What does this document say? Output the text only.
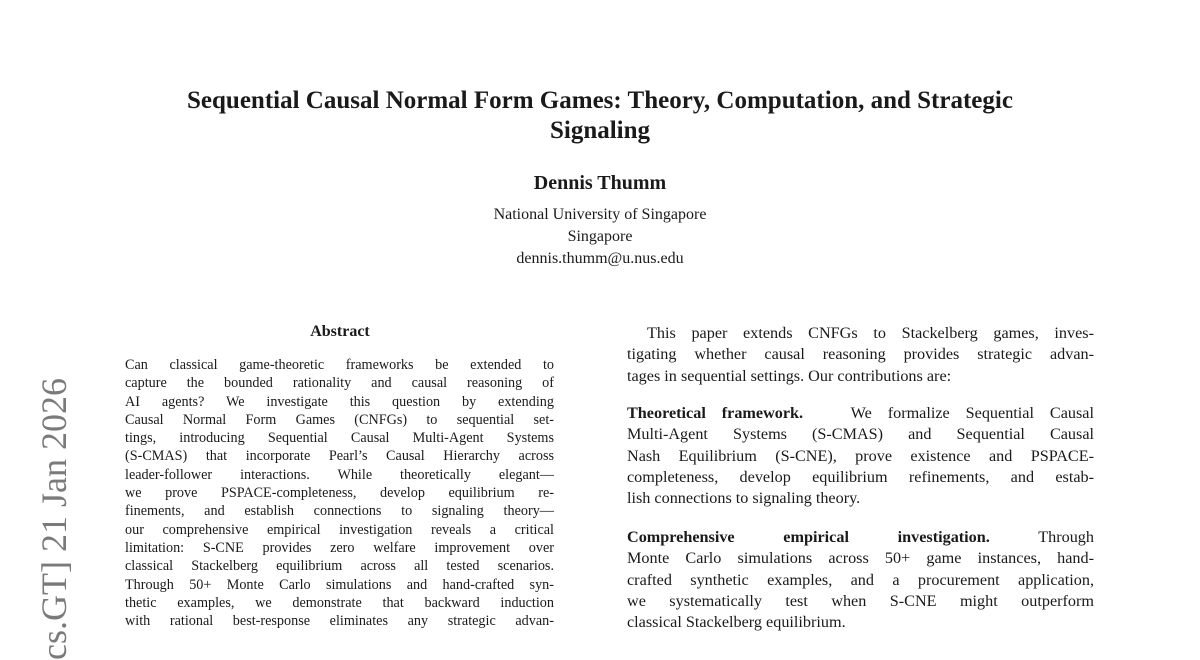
Sequential Causal Normal Form Games: Theory, Computation, and Strategic
Signaling
Dennis Thumm
National University of Singapore
Singapore
dennis.thumm@u.nus.edu
cs.GT] 21 Jan 2026
Abstract
Can classical game-theoretic frameworks be extended to
capture the bounded rationality and causal reasoning of
AI agents? We investigate this question by extending
Causal Normal Form Games (CNFGs) to sequential set-
tings, introducing Sequential Causal Multi-Agent Systems
(S-CMAS) that incorporate Pearl’s Causal Hierarchy across
leader-follower interactions. While theoretically elegant—
we prove PSPACE-completeness, develop equilibrium re-
finements, and establish connections to signaling theory—
our comprehensive empirical investigation reveals a critical
limitation: S-CNE provides zero welfare improvement over
classical Stackelberg equilibrium across all tested scenarios.
Through 50+ Monte Carlo simulations and hand-crafted syn-
thetic examples, we demonstrate that backward induction
with rational best-response eliminates any strategic advan-
This paper extends CNFGs to Stackelberg games, inves-
tigating whether causal reasoning provides strategic advan-
tages in sequential settings. Our contributions are:
Theoretical framework.	We formalize Sequential Causal
Multi-Agent Systems (S-CMAS) and Sequential Causal
Nash Equilibrium (S-CNE), prove existence and PSPACE-
completeness, develop equilibrium refinements, and estab-
lish connections to signaling theory.
Comprehensive empirical investigation.	Through
Monte Carlo simulations across 50+ game instances, hand-
crafted synthetic examples, and a procurement application,
we systematically test when S-CNE might outperform
classical Stackelberg equilibrium.
